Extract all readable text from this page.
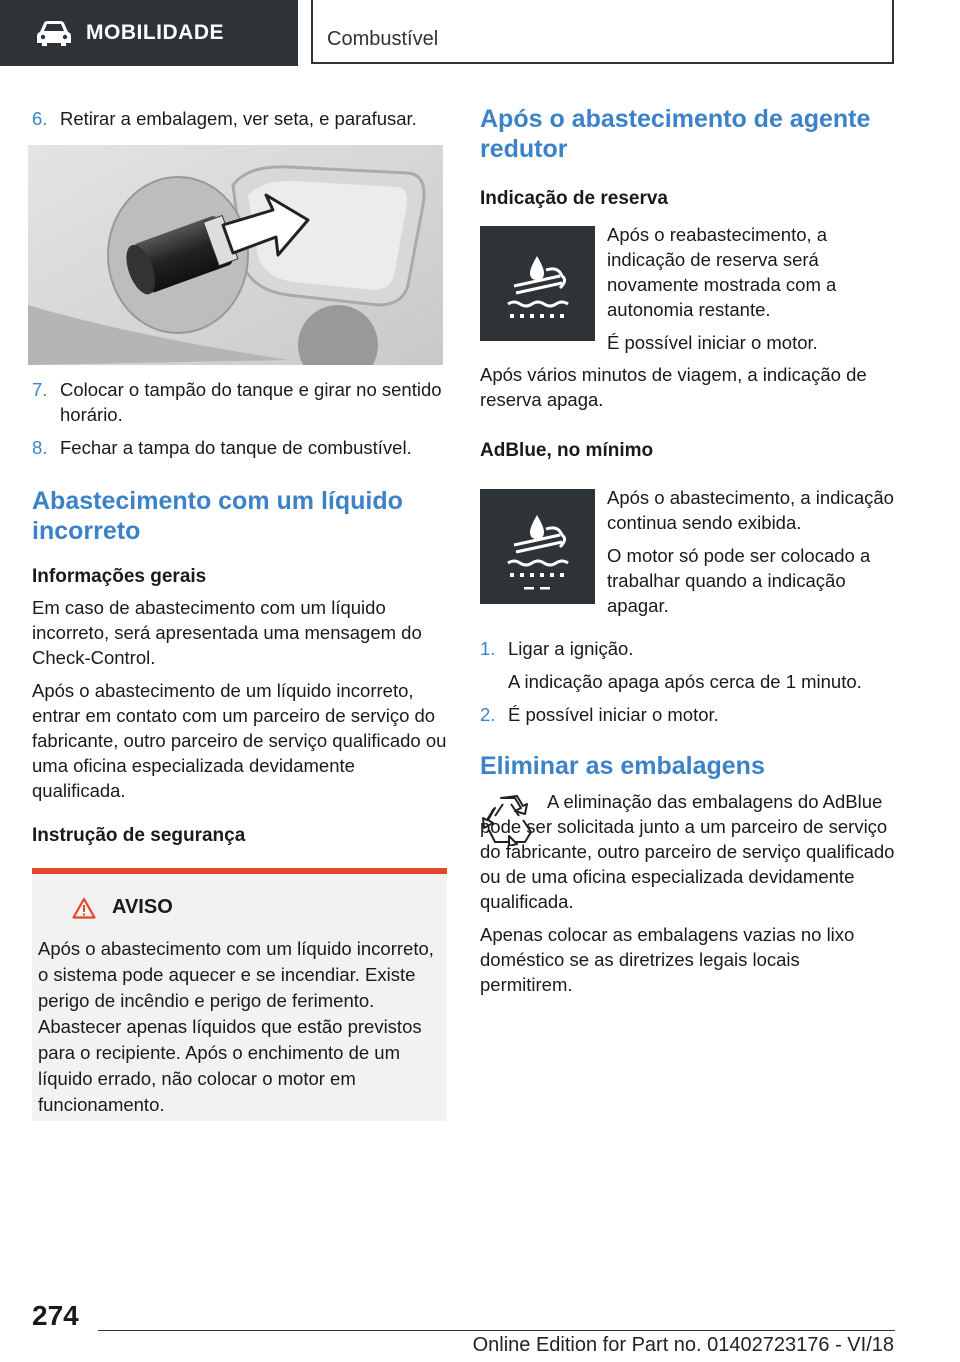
MOBILIDADE	Combustível
6. Retirar a embalagem, ver seta, e parafusar.
7. Colocar o tampão do tanque e girar no sentido horário.
8. Fechar a tampa do tanque de combustível.
Abastecimento com um líquido incorreto
Informações gerais

Em caso de abastecimento com um líquido incorreto, será apresentada uma mensagem do Check-Control.

Após o abastecimento de um líquido incorreto, entrar em contato com um parceiro de serviço do fabricante, outro parceiro de serviço qualificado ou uma oficina especializada devidamente qualificada.

Instrução de segurança
AVISO

Após o abastecimento com um líquido incorreto, o sistema pode aquecer e se incendiar. Existe perigo de incêndio e perigo de ferimento. Abastecer apenas líquidos que estão previstos para o recipiente. Após o enchimento de um líquido errado, não colocar o motor em funcionamento.

Após o abastecimento de agente redutor
Indicação de reserva

Após o reabastecimento, a indicação de reserva será novamente mostrada com a autonomia restante.

É possível iniciar o motor.

Após vários minutos de viagem, a indicação de reserva apaga.

AdBlue, no mínimo

Após o abastecimento, a indicação continua sendo exibida.

O motor só pode ser colocado a trabalhar quando a indicação apagar.

1. Ligar a ignição.
A indicação apaga após cerca de 1 minuto.
2. É possível iniciar o motor.
Eliminar as embalagens

A eliminação das embalagens do AdBlue pode ser solicitada junto a um parceiro de serviço do fabricante, outro parceiro de serviço qualificado ou de uma oficina especializada devidamente qualificada.

Apenas colocar as embalagens vazias no lixo doméstico se as diretrizes legais locais permitirem.

274
Online Edition for Part no. 01402723176 - VI/18
